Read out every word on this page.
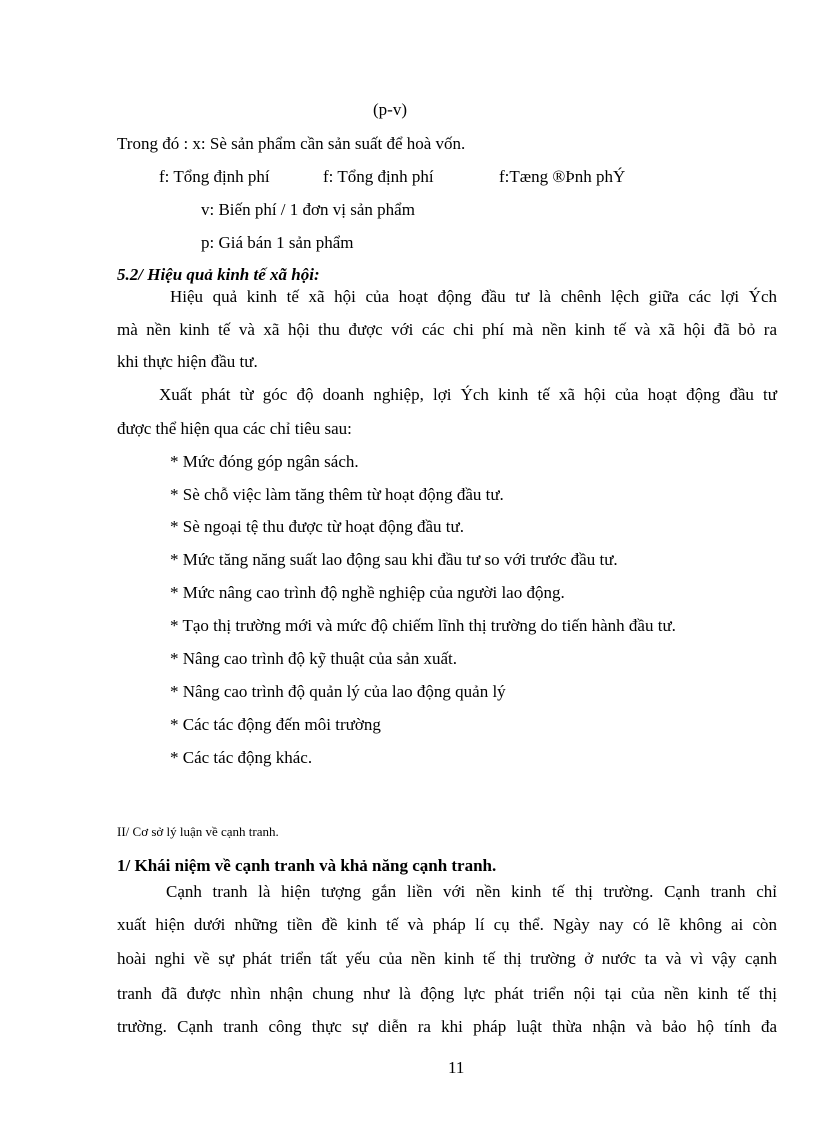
(p-v)
Trong đó : x: Sè sản phẩm cần sản suất để hoà vốn.
f: Tổng định phí	f: Tổng định phí	f:Tæng ®Þnh phÝ
v: Biến phí / 1 đơn vị sản phẩm
p: Giá bán 1 sản phẩm
5.2/ Hiệu quả kinh tế xã hội:
Hiệu quả kinh tế xã hội của hoạt động đầu tư là chênh lệch giữa các lợi Ých
mà nền kinh tế và xã hội thu được với các chi phí mà nền kinh tế và xã hội đã bỏ ra
khi thực hiện đầu tư.
Xuất phát từ góc độ doanh nghiệp, lợi Ých kinh tế xã hội của hoạt động đầu tư
được thể hiện qua các chỉ tiêu sau:
* Mức đóng góp ngân sách.
* Sè chỗ việc làm tăng thêm từ hoạt động đầu tư.
* Sè ngoại tệ thu được từ hoạt động đầu tư.
* Mức tăng năng suất lao động sau khi đầu tư so với trước đầu tư.
* Mức nâng cao trình độ nghề nghiệp của người lao động.
* Tạo thị trường mới và mức độ chiếm lĩnh thị trường do tiến hành đầu tư.
* Nâng cao trình độ kỹ thuật của sản xuất.
* Nâng cao trình độ quản lý của lao động quản lý
* Các tác động đến môi trường
* Các tác động khác.
II/ Cơ sở lý luận về cạnh tranh.
1/ Khái niệm về cạnh tranh và khả năng cạnh tranh.
Cạnh tranh là hiện tượng gắn liền với nền kinh tế thị trường. Cạnh tranh chỉ
xuất hiện dưới những tiền đề kinh tế và pháp lí cụ thể. Ngày nay có lẽ không ai còn
hoài nghi về sự phát triển tất yếu của nền kinh tế thị trường ở nước ta và vì vậy cạnh
tranh đã được nhìn nhận chung như là động lực phát triển nội tại của nền kinh tế thị
trường. Cạnh tranh công thực sự diễn ra khi pháp luật thừa nhận và bảo hộ tính đa
11
